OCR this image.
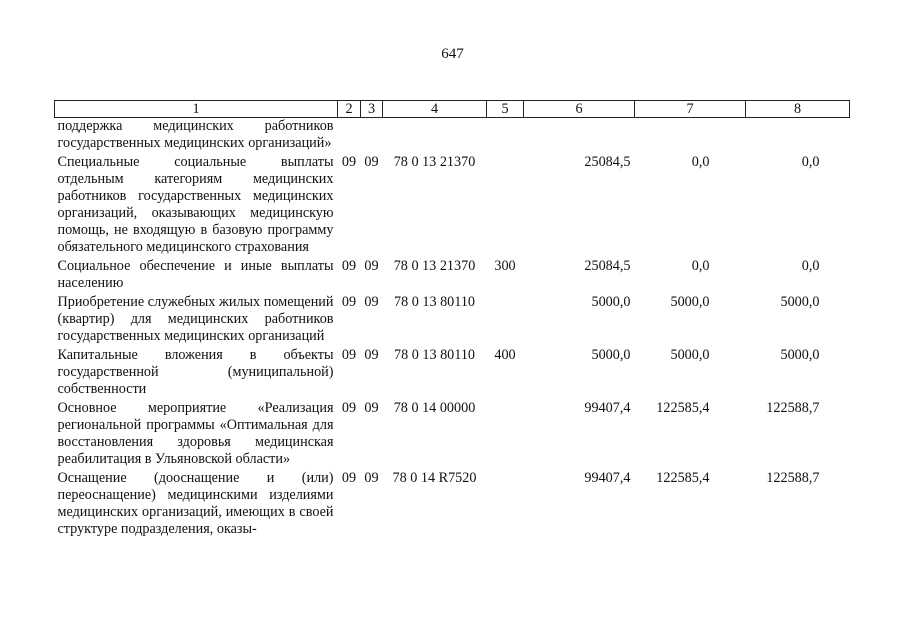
647
1	2	3	4	5	6	7	8
поддержка медицинских работников государственных медицинских организаций»							
Специальные социальные выплаты отдельным категориям медицинских работников государственных медицинских организаций, оказывающих медицинскую помощь, не входящую в базовую программу обязательного медицинского страхования	09	09	78 0 13 21370		25084,5	0,0	0,0
Социальное обеспечение и иные выплаты населению	09	09	78 0 13 21370	300	25084,5	0,0	0,0
Приобретение служебных жилых помещений (квартир) для медицинских работников государственных медицинских организаций	09	09	78 0 13 80110		5000,0	5000,0	5000,0
Капитальные вложения в объекты государственной (муниципальной) собственности	09	09	78 0 13 80110	400	5000,0	5000,0	5000,0
Основное мероприятие «Реализация региональной программы «Оптимальная для восстановления здоровья медицинская реабилитация в Ульяновской области»	09	09	78 0 14 00000		99407,4	122585,4	122588,7
Оснащение (дооснащение и (или) переоснащение) медицинскими изделиями медицинских организаций, имеющих в своей структуре подразделения, оказы-	09	09	78 0 14 R7520		99407,4	122585,4	122588,7
